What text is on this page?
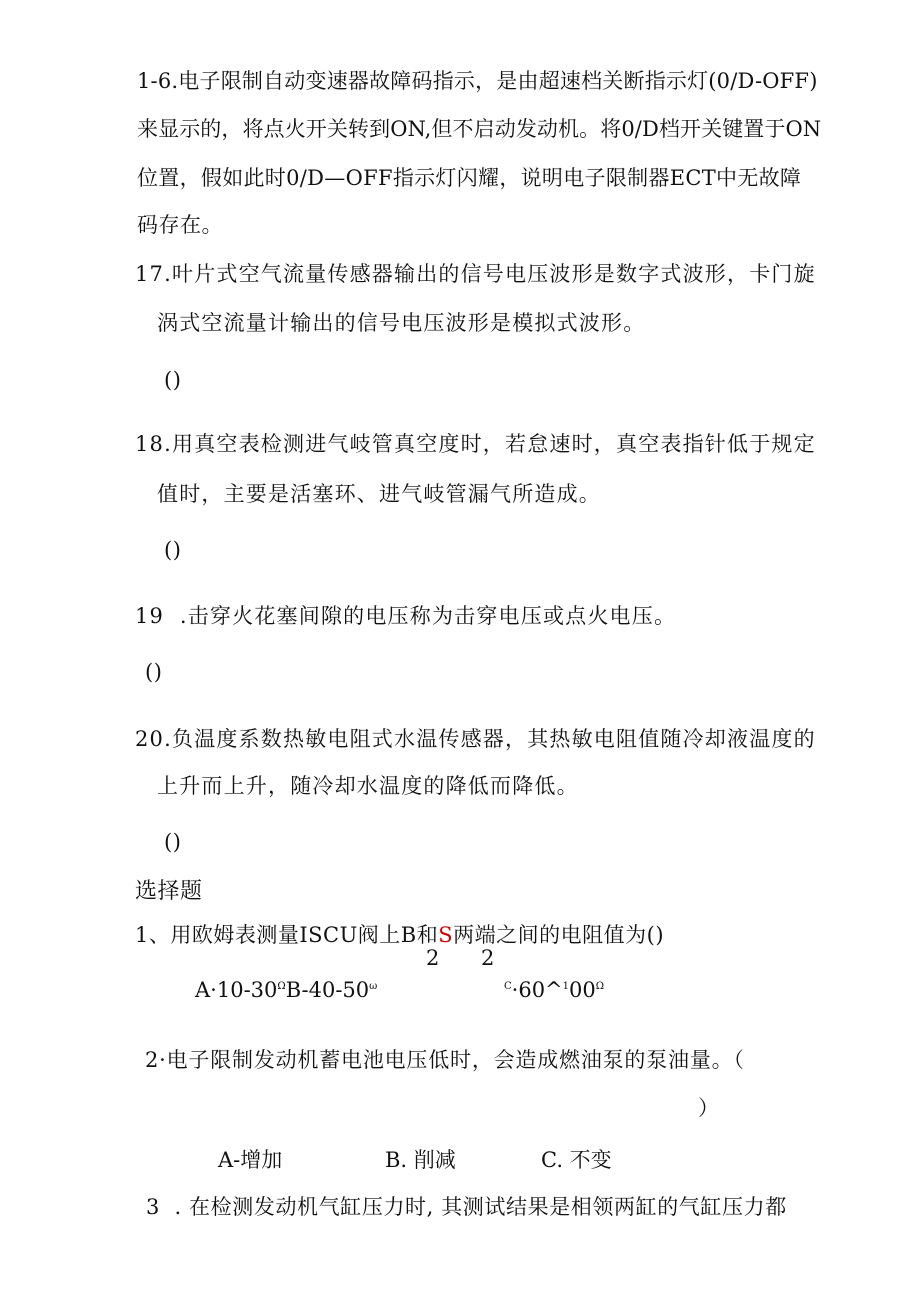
1-6.电子限制自动变速器故障码指示，是由超速档关断指示灯(0/D-OFF)
来显示的，将点火开关转到ON,但不启动发动机。将0/D档开关键置于ON
位置，假如此时0/D—OFF指示灯闪耀，说明电子限制器ECT中无故障
码存在。
17.叶片式空气流量传感器输出的信号电压波形是数字式波形，卡门旋
涡式空流量计输出的信号电压波形是模拟式波形。
()
18.用真空表检测进气岐管真空度时，若怠速时，真空表指针低于规定
值时，主要是活塞环、进气岐管漏气所造成。
()
19  .击穿火花塞间隙的电压称为击穿电压或点火电压。
()
20.负温度系数热敏电阻式水温传感器，其热敏电阻值随冷却液温度的
上升而上升，随冷却水温度的降低而降低。
()
选择题
1、用欧姆表测量ISCU阀上B和S两端之间的电阻值为()
2 2
$A\cdot 10-30^\Omega B-40-50^\omega$	$^C\cdot 60\^{}^100^\Omega$
2·电子限制发动机蓄电池电压低时，会造成燃油泵的泵油量。（
）
A-增加	B. 削减	C. 不变
3  . 在检测发动机气缸压力时, 其测试结果是相领两缸的气缸压力都
